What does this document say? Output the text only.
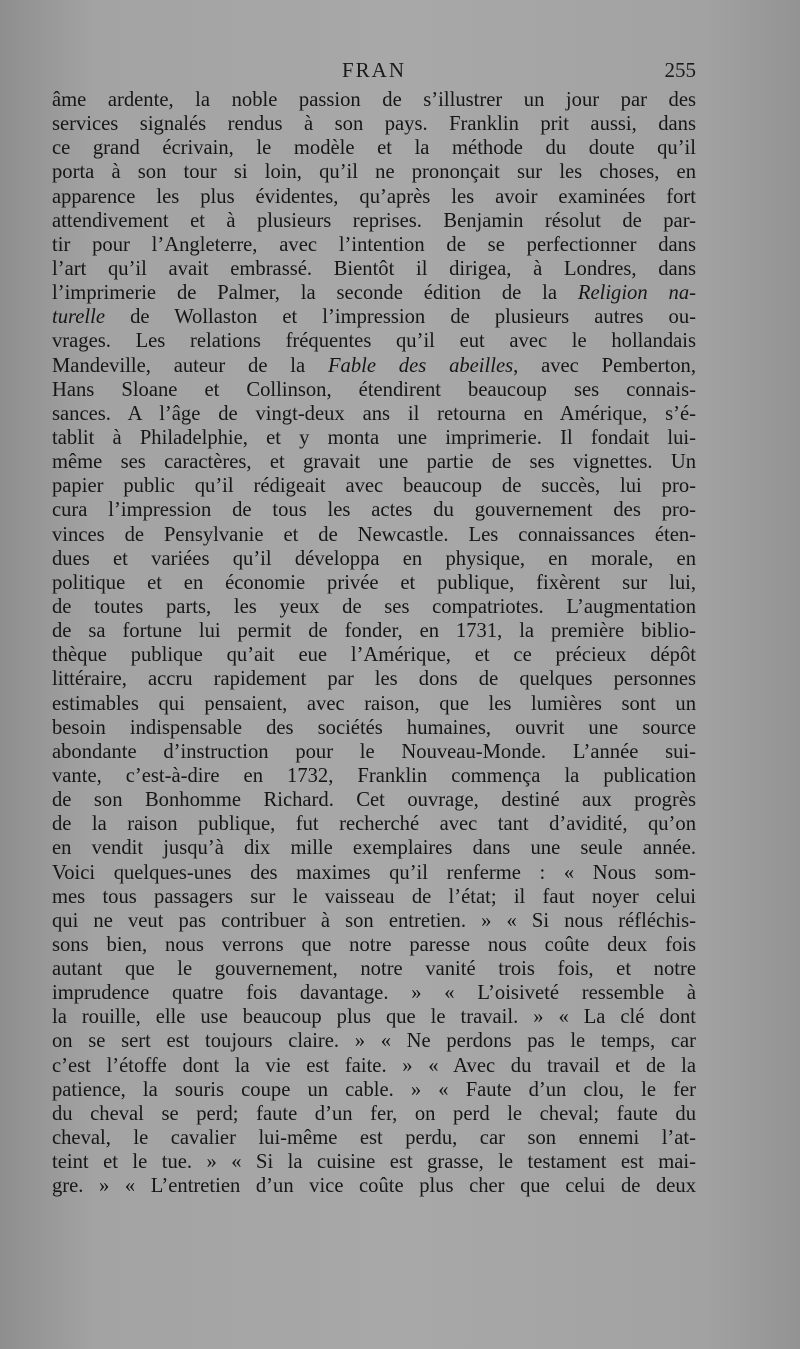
FRAN	255
âme ardente, la noble passion de s’illustrer un jour par des
services signalés rendus à son pays. Franklin prit aussi, dans
ce grand écrivain, le modèle et la méthode du doute qu’il
porta à son tour si loin, qu’il ne prononçait sur les choses, en
apparence les plus évidentes, qu’après les avoir examinées fort
attendivement et à plusieurs reprises. Benjamin résolut de par-
tir pour l’Angleterre, avec l’intention de se perfectionner dans
l’art qu’il avait embrassé. Bientôt il dirigea, à Londres, dans
l’imprimerie de Palmer, la seconde édition de la Religion na-
turelle de Wollaston et l’impression de plusieurs autres ou-
vrages. Les relations fréquentes qu’il eut avec le hollandais
Mandeville, auteur de la Fable des abeilles, avec Pemberton,
Hans Sloane et Collinson, étendirent beaucoup ses connais-
sances. A l’âge de vingt-deux ans il retourna en Amérique, s’é-
tablit à Philadelphie, et y monta une imprimerie. Il fondait lui-
même ses caractères, et gravait une partie de ses vignettes. Un
papier public qu’il rédigeait avec beaucoup de succès, lui pro-
cura l’impression de tous les actes du gouvernement des pro-
vinces de Pensylvanie et de Newcastle. Les connaissances éten-
dues et variées qu’il développa en physique, en morale, en
politique et en économie privée et publique, fixèrent sur lui,
de toutes parts, les yeux de ses compatriotes. L’augmentation
de sa fortune lui permit de fonder, en 1731, la première biblio-
thèque publique qu’ait eue l’Amérique, et ce précieux dépôt
littéraire, accru rapidement par les dons de quelques personnes
estimables qui pensaient, avec raison, que les lumières sont un
besoin indispensable des sociétés humaines, ouvrit une source
abondante d’instruction pour le Nouveau-Monde. L’année sui-
vante, c’est-à-dire en 1732, Franklin commença la publication
de son Bonhomme Richard. Cet ouvrage, destiné aux progrès
de la raison publique, fut recherché avec tant d’avidité, qu’on
en vendit jusqu’à dix mille exemplaires dans une seule année.
Voici quelques-unes des maximes qu’il renferme : « Nous som-
mes tous passagers sur le vaisseau de l’état; il faut noyer celui
qui ne veut pas contribuer à son entretien. » « Si nous réfléchis-
sons bien, nous verrons que notre paresse nous coûte deux fois
autant que le gouvernement, notre vanité trois fois, et notre
imprudence quatre fois davantage. » « L’oisiveté ressemble à
la rouille, elle use beaucoup plus que le travail. » « La clé dont
on se sert est toujours claire. » « Ne perdons pas le temps, car
c’est l’étoffe dont la vie est faite. » « Avec du travail et de la
patience, la souris coupe un cable. » « Faute d’un clou, le fer
du cheval se perd; faute d’un fer, on perd le cheval; faute du
cheval, le cavalier lui-même est perdu, car son ennemi l’at-
teint et le tue. » « Si la cuisine est grasse, le testament est mai-
gre. » « L’entretien d’un vice coûte plus cher que celui de deux
